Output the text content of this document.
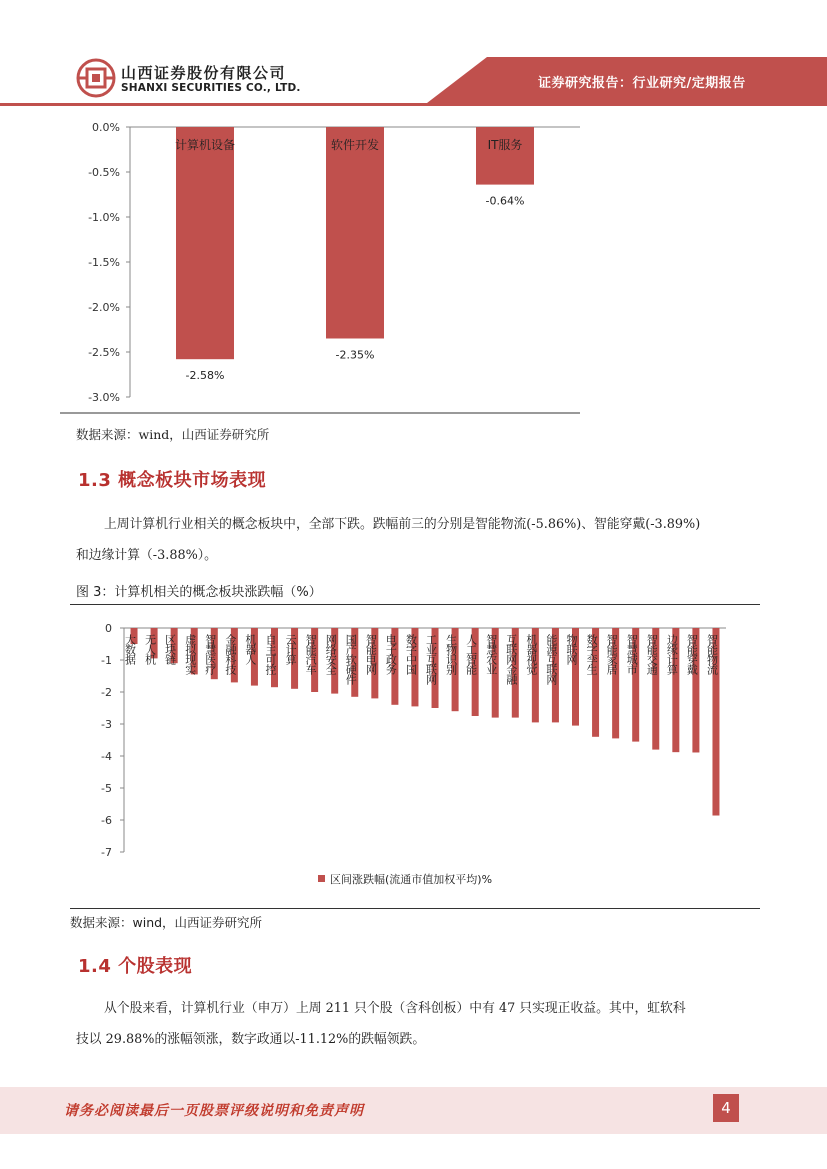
山西证券股份有限公司
SHANXI SECURITIES CO., LTD.	证券研究报告：行业研究/定期报告
0.0%
-0.5%
-1.0%
-1.5%
-2.0%
-2.5%
-3.0%
计算机设备
-2.58%
软件开发
-2.35%
IT服务
-0.64%
数据来源：wind，山西证券研究所
1.3 概念板块市场表现
上周计算机行业相关的概念板块中，全部下跌。跌幅前三的分别是智能物流(-5.86%)、智能穿戴(-3.89%)
和边缘计算（-3.88%）。
图 3：计算机相关的概念板块涨跌幅（%）
0
-1
-2
-3
-4
-5
-6
-7
大数据 无人机 区块链 虚拟现实 智慧医疗 金融科技 机器人 自主可控 云计算 智能汽车 网络安全 国产软硬件 智能电网 电子政务 数字中国 工业互联网 生物识别 人工智能 智慧农业 互联网金融 机器视觉 能源互联网 物联网 数字孪生 智能家居 智慧城市 智能交通 边缘计算 智能穿戴 智能物流
区间涨跌幅(流通市值加权平均)%
数据来源：wind，山西证券研究所
1.4 个股表现
从个股来看，计算机行业（申万）上周 211 只个股（含科创板）中有 47 只实现正收益。其中，虹软科
技以 29.88%的涨幅领涨，数字政通以-11.12%的跌幅领跌。
请务必阅读最后一页股票评级说明和免责声明	4
